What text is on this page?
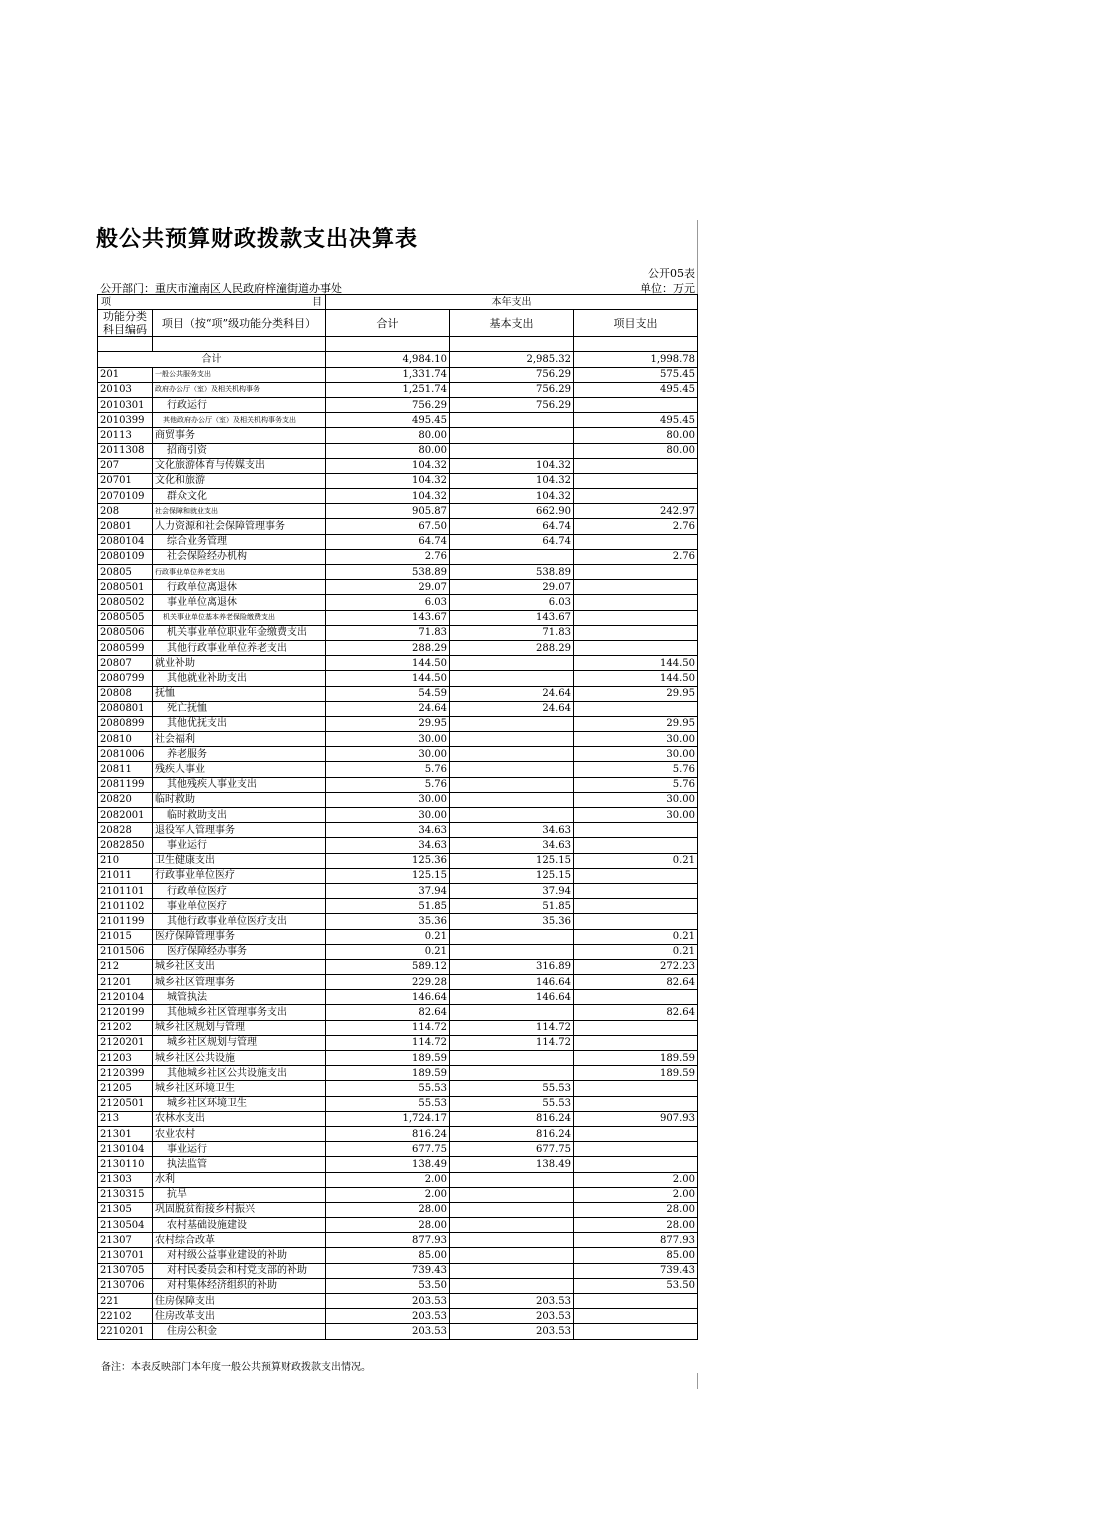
般公共预算财政拨款支出决算表
公开05表
公开部门：重庆市潼南区人民政府梓潼街道办事处	单位：万元
项 目		本年支出		
功能分类科目编码	项目（按“项”级功能分类科目）	合计	基本支出	项目支出

合计		4,984.10	2,985.32	1,998.78
201	一般公共服务支出	1,331.74	756.29	575.45
20103	政府办公厅（室）及相关机构事务	1,251.74	756.29	495.45
2010301	行政运行	756.29	756.29	
2010399	其他政府办公厅（室）及相关机构事务支出	495.45		495.45
20113	商贸事务	80.00		80.00
2011308	招商引资	80.00		80.00
207	文化旅游体育与传媒支出	104.32	104.32	
20701	文化和旅游	104.32	104.32	
2070109	群众文化	104.32	104.32	
208	社会保障和就业支出	905.87	662.90	242.97
20801	人力资源和社会保障管理事务	67.50	64.74	2.76
2080104	综合业务管理	64.74	64.74	
2080109	社会保险经办机构	2.76		2.76
20805	行政事业单位养老支出	538.89	538.89	
2080501	行政单位离退休	29.07	29.07	
2080502	事业单位离退休	6.03	6.03	
2080505	机关事业单位基本养老保险缴费支出	143.67	143.67	
2080506	机关事业单位职业年金缴费支出	71.83	71.83	
2080599	其他行政事业单位养老支出	288.29	288.29	
20807	就业补助	144.50		144.50
2080799	其他就业补助支出	144.50		144.50
20808	抚恤	54.59	24.64	29.95
2080801	死亡抚恤	24.64	24.64	
2080899	其他优抚支出	29.95		29.95
20810	社会福利	30.00		30.00
2081006	养老服务	30.00		30.00
20811	残疾人事业	5.76		5.76
2081199	其他残疾人事业支出	5.76		5.76
20820	临时救助	30.00		30.00
2082001	临时救助支出	30.00		30.00
20828	退役军人管理事务	34.63	34.63	
2082850	事业运行	34.63	34.63	
210	卫生健康支出	125.36	125.15	0.21
21011	行政事业单位医疗	125.15	125.15	
2101101	行政单位医疗	37.94	37.94	
2101102	事业单位医疗	51.85	51.85	
2101199	其他行政事业单位医疗支出	35.36	35.36	
21015	医疗保障管理事务	0.21		0.21
2101506	医疗保障经办事务	0.21		0.21
212	城乡社区支出	589.12	316.89	272.23
21201	城乡社区管理事务	229.28	146.64	82.64
2120104	城管执法	146.64	146.64	
2120199	其他城乡社区管理事务支出	82.64		82.64
21202	城乡社区规划与管理	114.72	114.72	
2120201	城乡社区规划与管理	114.72	114.72	
21203	城乡社区公共设施	189.59		189.59
2120399	其他城乡社区公共设施支出	189.59		189.59
21205	城乡社区环境卫生	55.53	55.53	
2120501	城乡社区环境卫生	55.53	55.53	
213	农林水支出	1,724.17	816.24	907.93
21301	农业农村	816.24	816.24	
2130104	事业运行	677.75	677.75	
2130110	执法监管	138.49	138.49	
21303	水利	2.00		2.00
2130315	抗旱	2.00		2.00
21305	巩固脱贫衔接乡村振兴	28.00		28.00
2130504	农村基础设施建设	28.00		28.00
21307	农村综合改革	877.93		877.93
2130701	对村级公益事业建设的补助	85.00		85.00
2130705	对村民委员会和村党支部的补助	739.43		739.43
2130706	对村集体经济组织的补助	53.50		53.50
221	住房保障支出	203.53	203.53	
22102	住房改革支出	203.53	203.53	
2210201	住房公积金	203.53	203.53	
备注：本表反映部门本年度一般公共预算财政拨款支出情况。
